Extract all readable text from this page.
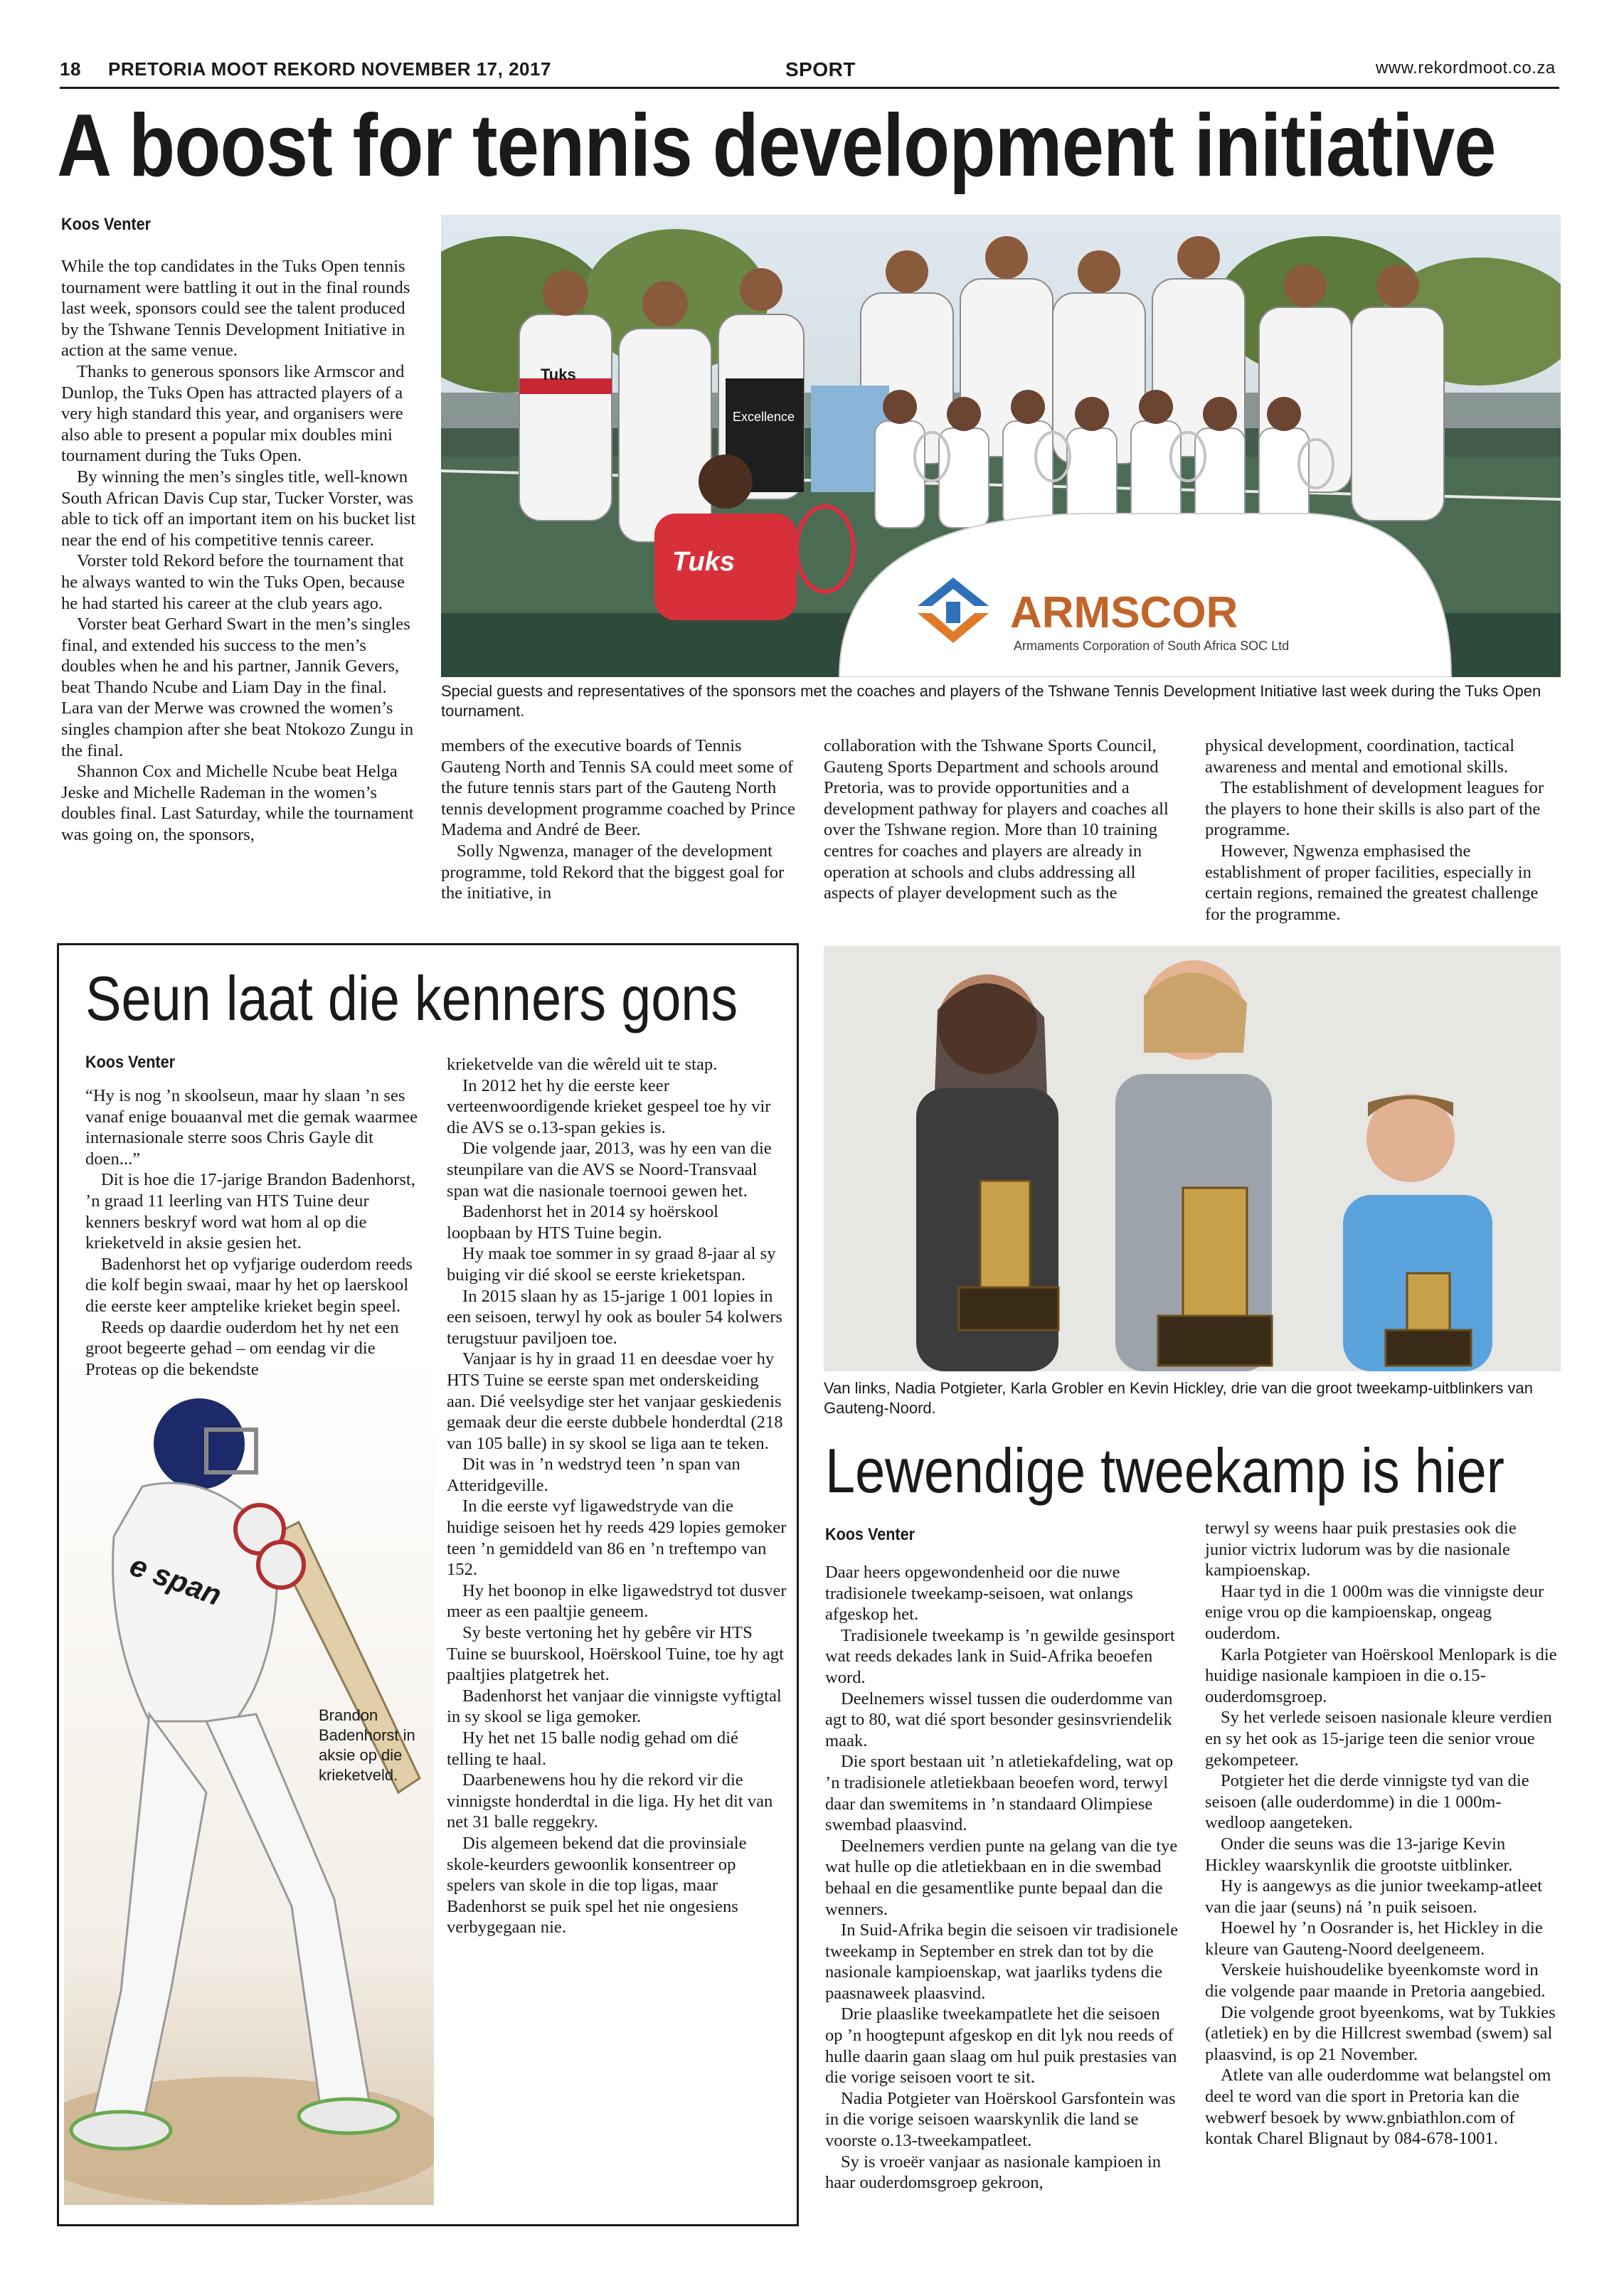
18 PRETORIA MOOT REKORD NOVEMBER 17, 2017	SPORT	www.rekordmoot.co.za
A boost for tennis development initiative
Koos Venter

While the top candidates in the Tuks Open tennis tournament were battling it out in the final rounds last week, sponsors could see the talent produced by the Tshwane Tennis Development Initiative in action at the same venue.

Thanks to generous sponsors like Armscor and Dunlop, the Tuks Open has attracted players of a very high standard this year, and organisers were also able to present a popular mix doubles mini tournament during the Tuks Open.

By winning the men’s singles title, well-known South African Davis Cup star, Tucker Vorster, was able to tick off an important item on his bucket list near the end of his competitive tennis career.

Vorster told Rekord before the tournament that he always wanted to win the Tuks Open, because he had started his career at the club years ago.

Vorster beat Gerhard Swart in the men’s singles final, and extended his success to the men’s doubles when he and his partner, Jannik Gevers, beat Thando Ncube and Liam Day in the final. Lara van der Merwe was crowned the women’s singles champion after she beat Ntokozo Zungu in the final.

Shannon Cox and Michelle Ncube beat Helga Jeske and Michelle Rademan in the women’s doubles final. Last Saturday, while the tournament was going on, the sponsors,

Tuks
Tuks
Excellence
ARMSCOR
Armaments Corporation of South Africa SOC Ltd
Special guests and representatives of the sponsors met the coaches and players of the Tshwane Tennis Development Initiative last week during the Tuks Open tournament.

members of the executive boards of Tennis Gauteng North and Tennis SA could meet some of the future tennis stars part of the Gauteng North tennis development programme coached by Prince Madema and André de Beer.

Solly Ngwenza, manager of the development programme, told Rekord that the biggest goal for the initiative, in

collaboration with the Tshwane Sports Council, Gauteng Sports Department and schools around Pretoria, was to provide opportunities and a development pathway for players and coaches all over the Tshwane region. More than 10 training centres for coaches and players are already in operation at schools and clubs addressing all aspects of player development such as the

physical development, coordination, tactical awareness and mental and emotional skills.

The establishment of development leagues for the players to hone their skills is also part of the programme.

However, Ngwenza emphasised the establishment of proper facilities, especially in certain regions, remained the greatest challenge for the programme.

Seun laat die kenners gons
Koos Venter
e span

“Hy is nog ’n skoolseun, maar hy slaan ’n ses vanaf enige bouaanval met die gemak waarmee internasionale sterre soos Chris Gayle dit doen...”

Dit is hoe die 17-jarige Brandon Badenhorst, ’n graad 11 leerling van HTS Tuine deur kenners beskryf word wat hom al op die krieketveld in aksie gesien het.

Badenhorst het op vyfjarige ouderdom reeds die kolf begin swaai, maar hy het op laerskool die eerste keer amptelike krieket begin speel.

Reeds op daardie ouderdom het hy net een groot begeerte gehad – om eendag vir die Proteas op die bekendste

Brandon Badenhorst in aksie op die krieketveld.

krieketvelde van die wêreld uit te stap.

In 2012 het hy die eerste keer verteenwoordigende krieket gespeel toe hy vir die AVS se o.13-span gekies is.

Die volgende jaar, 2013, was hy een van die steunpilare van die AVS se Noord-Transvaal span wat die nasionale toernooi gewen het.

Badenhorst het in 2014 sy hoërskool loopbaan by HTS Tuine begin.

Hy maak toe sommer in sy graad 8-jaar al sy buiging vir dié skool se eerste krieketspan.

In 2015 slaan hy as 15-jarige 1 001 lopies in een seisoen, terwyl hy ook as bouler 54 kolwers terugstuur paviljoen toe.

Vanjaar is hy in graad 11 en deesdae voer hy HTS Tuine se eerste span met onderskeiding aan. Dié veelsydige ster het vanjaar geskiedenis gemaak deur die eerste dubbele honderdtal (218 van 105 balle) in sy skool se liga aan te teken.

Dit was in ’n wedstryd teen ’n span van Atteridgeville.

In die eerste vyf ligawedstryde van die huidige seisoen het hy reeds 429 lopies gemoker teen ’n gemiddeld van 86 en ’n treftempo van 152.

Hy het boonop in elke ligawedstryd tot dusver meer as een paaltjie geneem.

Sy beste vertoning het hy gebêre vir HTS Tuine se buurskool, Hoërskool Tuine, toe hy agt paaltjies platgetrek het.

Badenhorst het vanjaar die vinnigste vyftigtal in sy skool se liga gemoker.

Hy het net 15 balle nodig gehad om dié telling te haal.

Daarbenewens hou hy die rekord vir die vinnigste honderdtal in die liga. Hy het dit van net 31 balle reggekry.

Dis algemeen bekend dat die provinsiale skole-keurders gewoonlik konsentreer op spelers van skole in die top ligas, maar Badenhorst se puik spel het nie ongesiens verbygegaan nie.

Van links, Nadia Potgieter, Karla Grobler en Kevin Hickley, drie van die groot tweekamp-uitblinkers van Gauteng-Noord.
Lewendige tweekamp is hier
Koos Venter

Daar heers opgewondenheid oor die nuwe tradisionele tweekamp-seisoen, wat onlangs afgeskop het.

Tradisionele tweekamp is ’n gewilde gesinsport wat reeds dekades lank in Suid-Afrika beoefen word.

Deelnemers wissel tussen die ouderdomme van agt to 80, wat dié sport besonder gesinsvriendelik maak.

Die sport bestaan uit ’n atletiekafdeling, wat op ’n tradisionele atletiekbaan beoefen word, terwyl daar dan swemitems in ’n standaard Olimpiese swembad plaasvind.

Deelnemers verdien punte na gelang van die tye wat hulle op die atletiekbaan en in die swembad behaal en die gesamentlike punte bepaal dan die wenners.

In Suid-Afrika begin die seisoen vir tradisionele tweekamp in September en strek dan tot by die nasionale kampioenskap, wat jaarliks tydens die paasnaweek plaasvind.

Drie plaaslike tweekampatlete het die seisoen op ’n hoogtepunt afgeskop en dit lyk nou reeds of hulle daarin gaan slaag om hul puik prestasies van die vorige seisoen voort te sit.

Nadia Potgieter van Hoërskool Garsfontein was in die vorige seisoen waarskynlik die land se voorste o.13-tweekampatleet.

Sy is vroeër vanjaar as nasionale kampioen in haar ouderdomsgroep gekroon,

terwyl sy weens haar puik prestasies ook die junior victrix ludorum was by die nasionale kampioenskap.

Haar tyd in die 1 000m was die vinnigste deur enige vrou op die kampioenskap, ongeag ouderdom.

Karla Potgieter van Hoërskool Menlopark is die huidige nasionale kampioen in die o.15-ouderdomsgroep.

Sy het verlede seisoen nasionale kleure verdien en sy het ook as 15-jarige teen die senior vroue gekompeteer.

Potgieter het die derde vinnigste tyd van die seisoen (alle ouderdomme) in die 1 000m-wedloop aangeteken.

Onder die seuns was die 13-jarige Kevin Hickley waarskynlik die grootste uitblinker.

Hy is aangewys as die junior tweekamp-atleet van die jaar (seuns) ná ’n puik seisoen.

Hoewel hy ’n Oosrander is, het Hickley in die kleure van Gauteng-Noord deelgeneem.

Verskeie huishoudelike byeenkomste word in die volgende paar maande in Pretoria aangebied.

Die volgende groot byeenkoms, wat by Tukkies (atletiek) en by die Hillcrest swembad (swem) sal plaasvind, is op 21 November.

Atlete van alle ouderdomme wat belangstel om deel te word van die sport in Pretoria kan die webwerf besoek by www.gnbiathlon.com of kontak Charel Blignaut by 084-678-1001.
